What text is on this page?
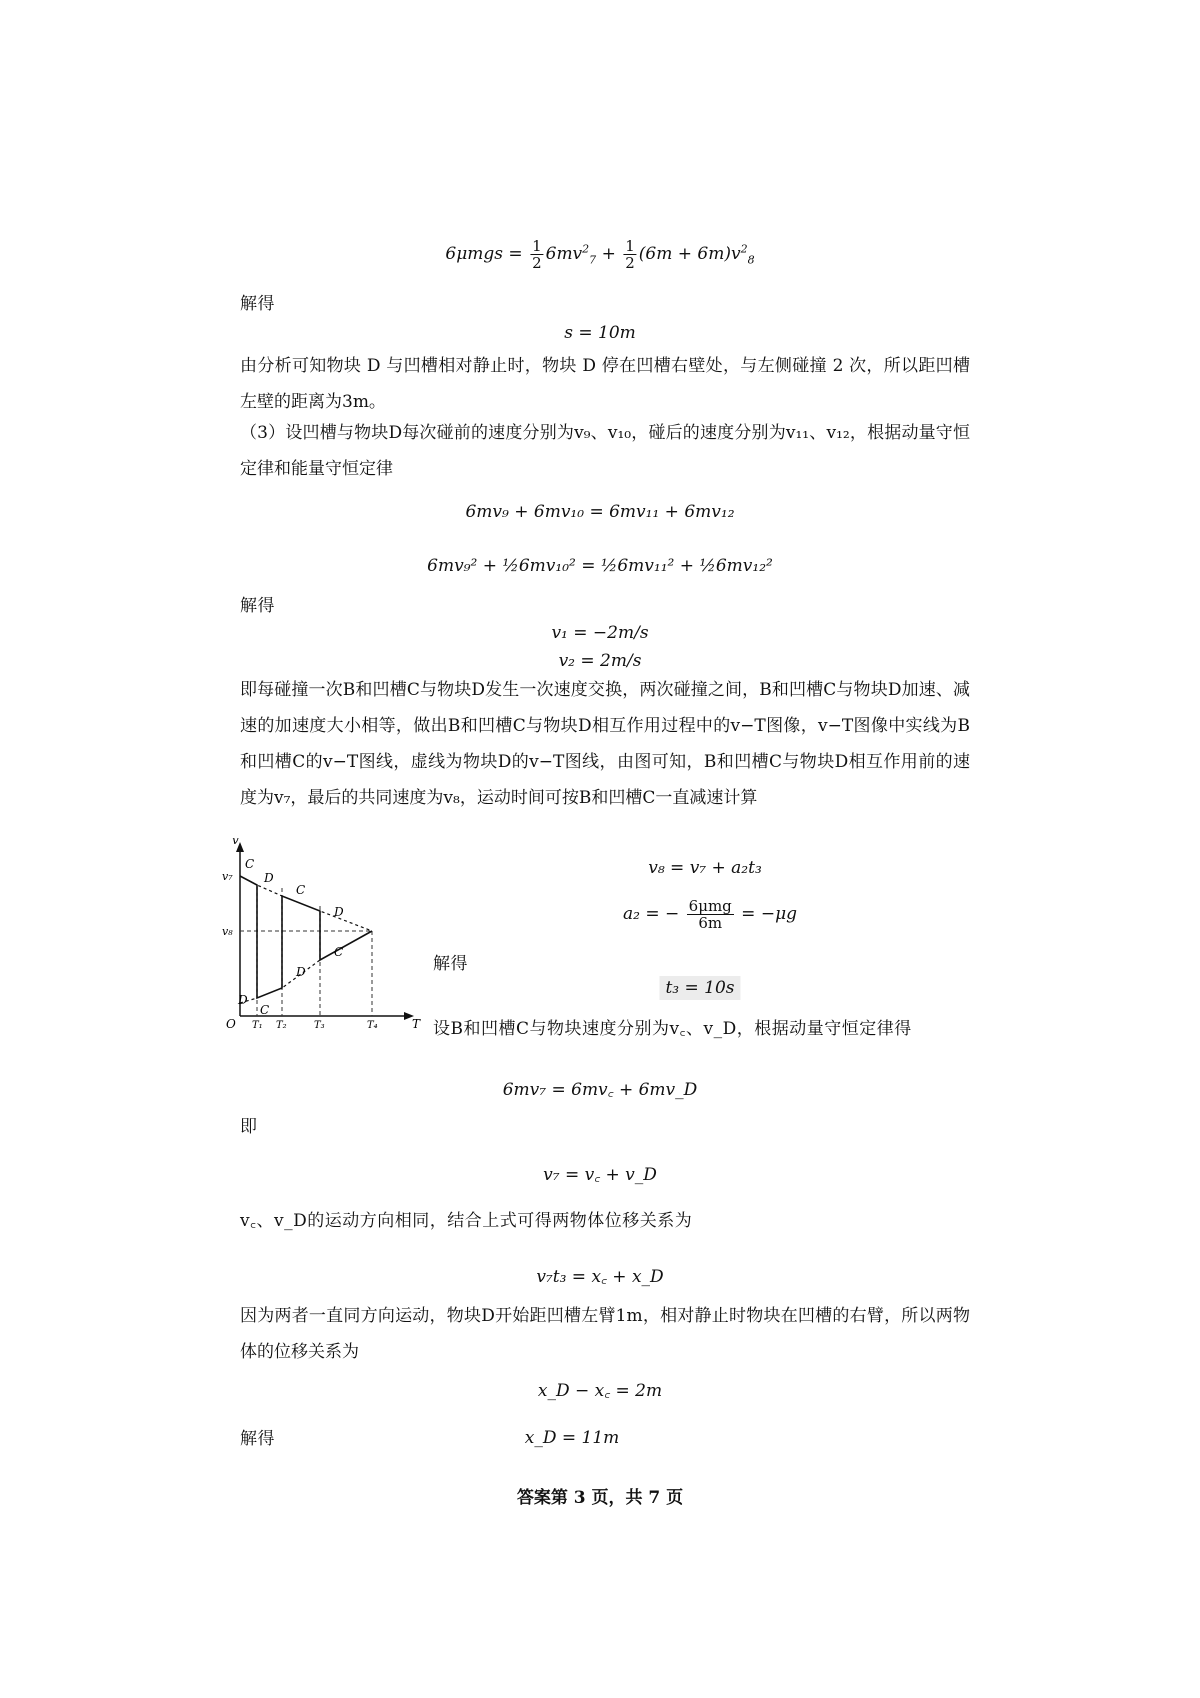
$6\mu mgs = \frac{1}{2} 6mv^2_7 + \frac{1}{2} (6m + 6m)v^2_8$
解得
s = 10m
由分析可知物块 D 与凹槽相对静止时，物块 D 停在凹槽右壁处，与左侧碰撞 2 次，所以距凹槽左壁的距离为3m。
（3）设凹槽与物块D每次碰前的速度分别为v₉、v₁₀，碰后的速度分别为v₁₁、v₁₂，根据动量守恒定律和能量守恒定律
6mv₉ + 6mv₁₀ = 6mv₁₁ + 6mv₁₂
6mv₉² + ½6mv₁₀² = ½6mv₁₁² + ½6mv₁₂²
解得
v₁ = −2m/s
v₂ = 2m/s
即每碰撞一次B和凹槽C与物块D发生一次速度交换，两次碰撞之间，B和凹槽C与物块D加速、减速的加速度大小相等，做出B和凹槽C与物块D相互作用过程中的v−T图像，v−T图像中实线为B和凹槽C的v−T图线，虚线为物块D的v−T图线，由图可知，B和凹槽C与物块D相互作用前的速度为v₇，最后的共同速度为v₈，运动时间可按B和凹槽C一直减速计算
v
T
O
v₇
v₈
T₁ T₂	T₃	T₄
C
D
C
D
C
D
C
D
v₈ = v₇ + a₂t₃
a₂ = − $\frac{\text{6μmg}}{6m} = -\mu g$
解得
t₃ = 10s
设B和凹槽C与物块速度分别为v꜀、v_D，根据动量守恒定律得
6mv₇ = 6mv꜀ + 6mv_D
即
v₇ = v꜀ + v_D
v꜀、v_D的运动方向相同，结合上式可得两物体位移关系为
v₇t₃ = x꜀ + x_D
因为两者一直同方向运动，物块D开始距凹槽左臂1m，相对静止时物块在凹槽的右臂，所以两物体的位移关系为
x_D − x꜀ = 2m
解得	x_D = 11m
答案第 3 页，共 7 页
